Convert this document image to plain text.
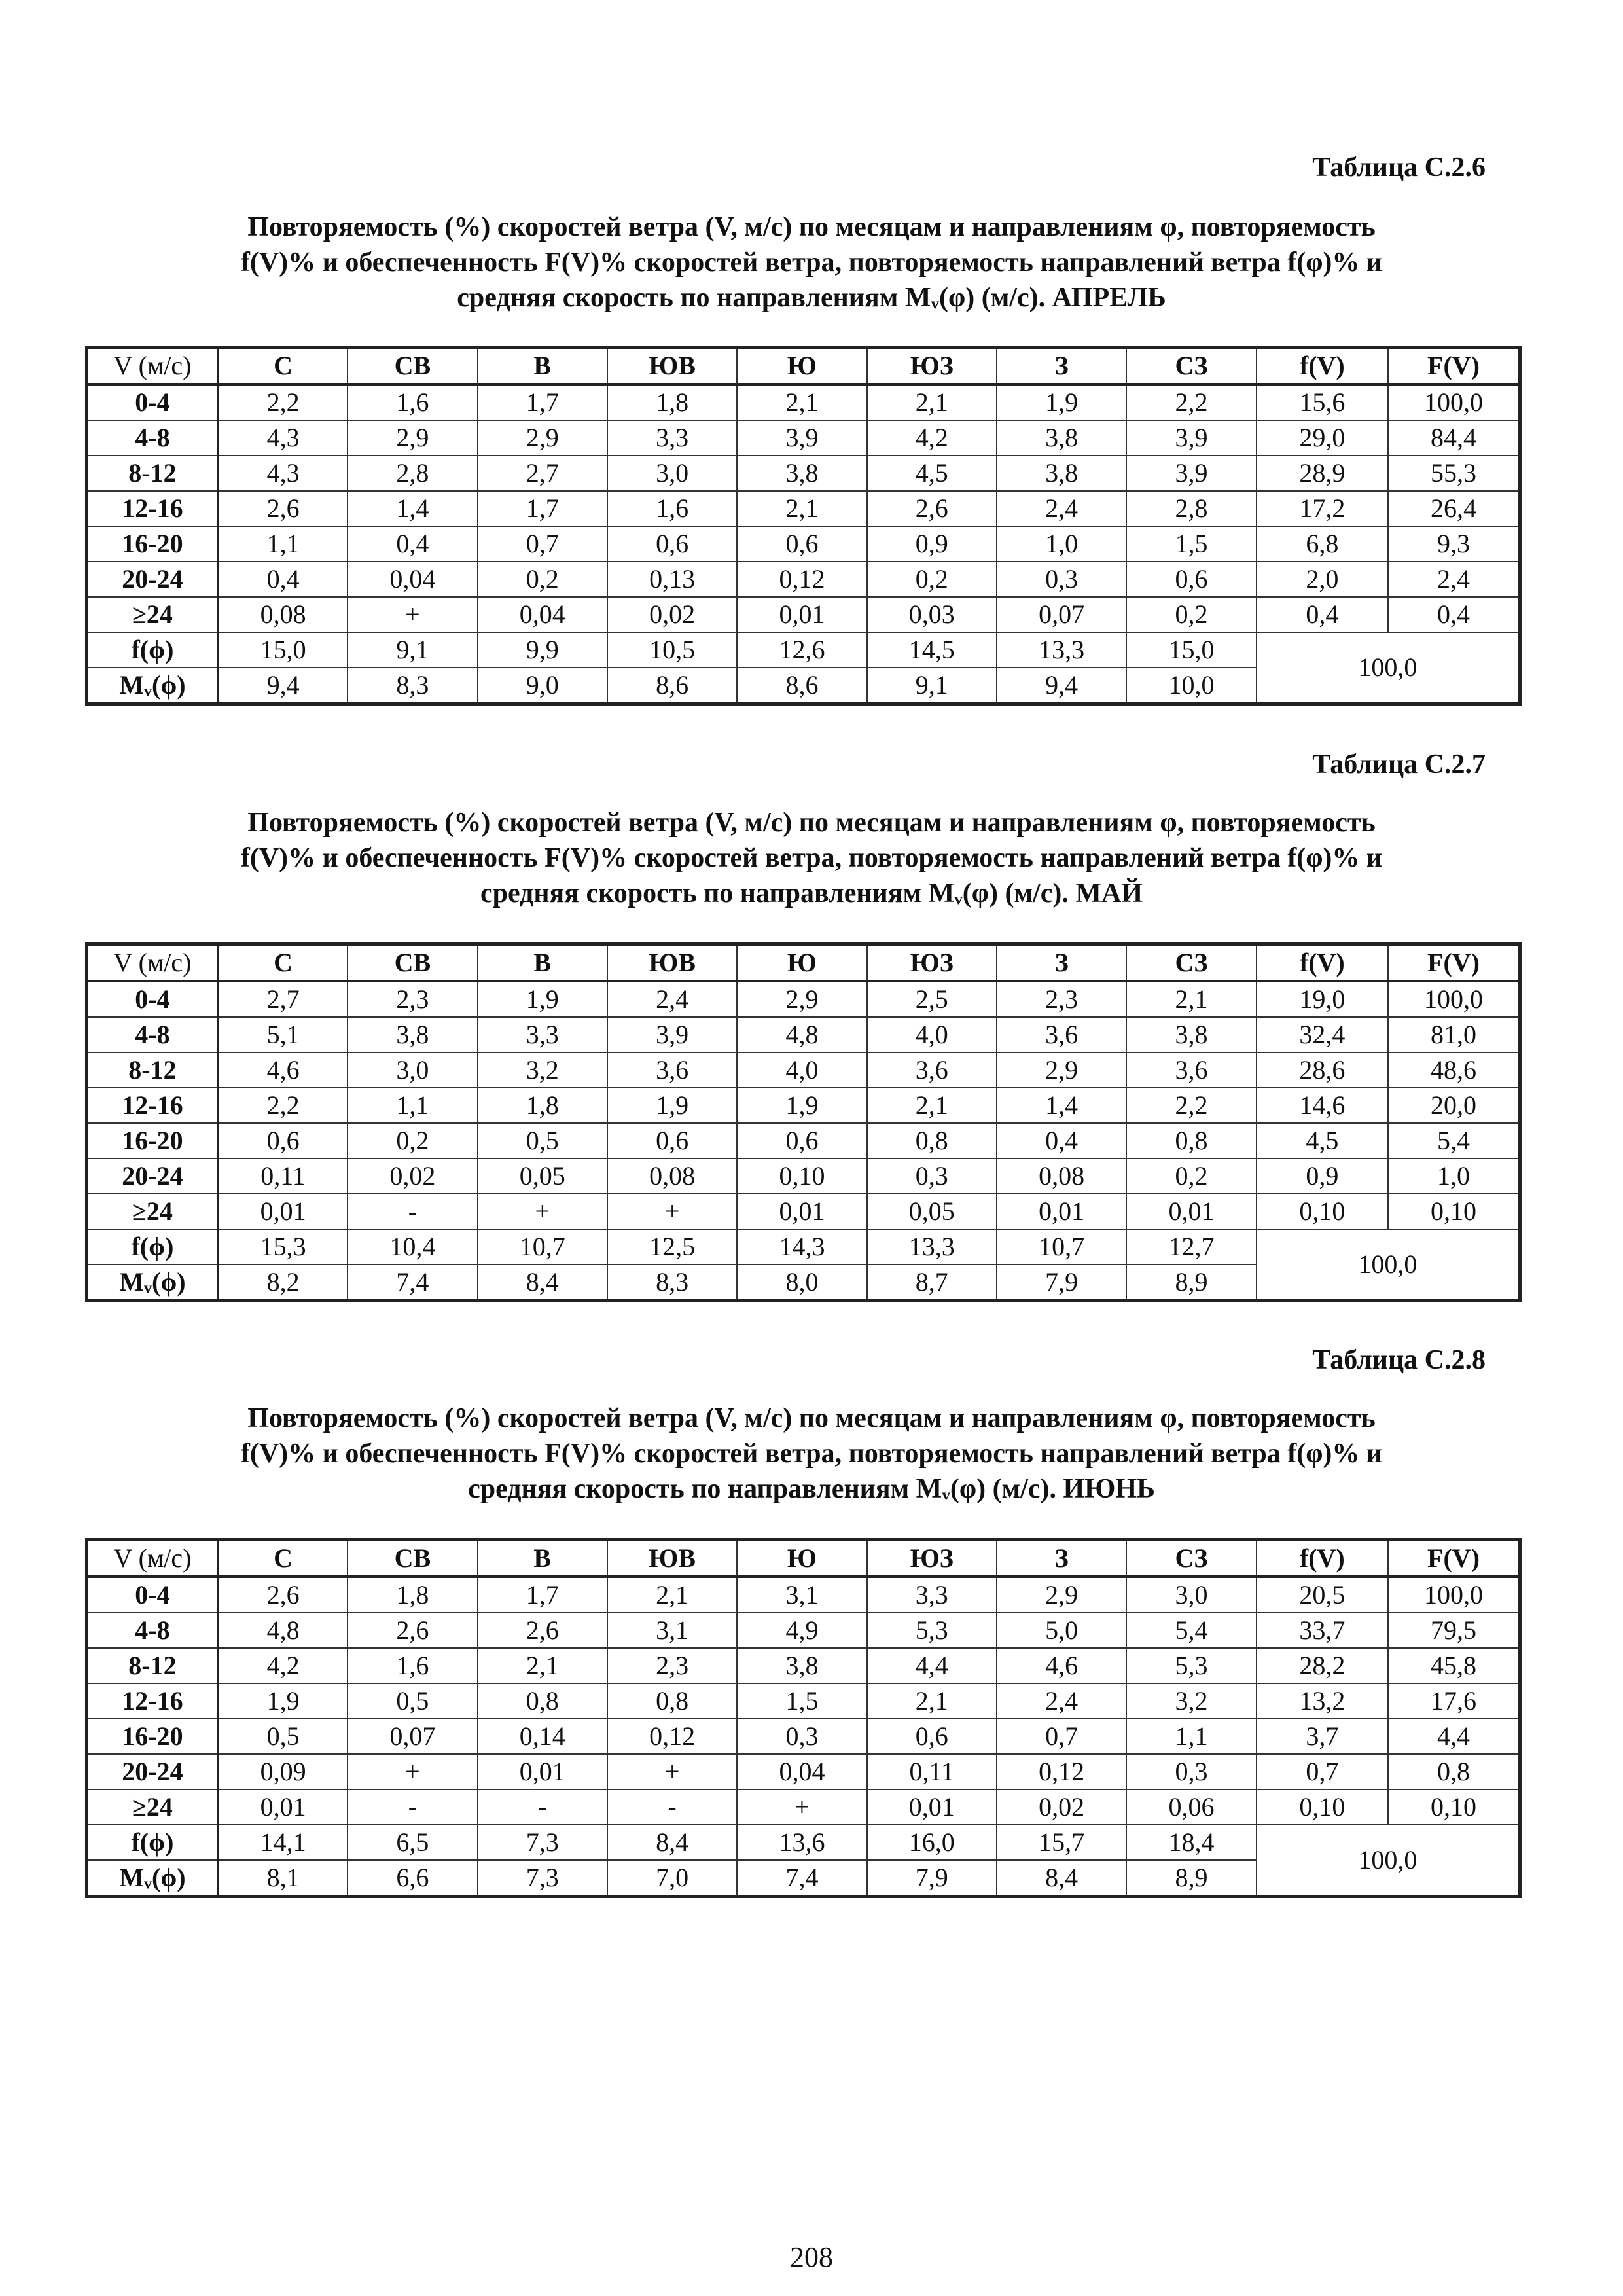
Таблица С.2.6
Повторяемость (%) скоростей ветра (V, м/с) по месяцам и направлениям φ, повторяемость
f(V)% и обеспеченность F(V)% скоростей ветра, повторяемость направлений ветра f(φ)% и
средняя скорость по направлениям Mᵥ(φ) (м/с). АПРЕЛЬ
V (м/с)	С	СВ	В	ЮВ	Ю	ЮЗ	З	СЗ	f(V)	F(V)
0-4	2,2	1,6	1,7	1,8	2,1	2,1	1,9	2,2	15,6	100,0
4-8	4,3	2,9	2,9	3,3	3,9	4,2	3,8	3,9	29,0	84,4
8-12	4,3	2,8	2,7	3,0	3,8	4,5	3,8	3,9	28,9	55,3
12-16	2,6	1,4	1,7	1,6	2,1	2,6	2,4	2,8	17,2	26,4
16-20	1,1	0,4	0,7	0,6	0,6	0,9	1,0	1,5	6,8	9,3
20-24	0,4	0,04	0,2	0,13	0,12	0,2	0,3	0,6	2,0	2,4
≥24	0,08	+	0,04	0,02	0,01	0,03	0,07	0,2	0,4	0,4
f(ϕ)	15,0	9,1	9,9	10,5	12,6	14,5	13,3	15,0	100,0	
Mᵥ(ϕ)	9,4	8,3	9,0	8,6	8,6	9,1	9,4	10,0		
Таблица С.2.7
Повторяемость (%) скоростей ветра (V, м/с) по месяцам и направлениям φ, повторяемость
f(V)% и обеспеченность F(V)% скоростей ветра, повторяемость направлений ветра f(φ)% и
средняя скорость по направлениям Mᵥ(φ) (м/с). МАЙ
V (м/с)	С	СВ	В	ЮВ	Ю	ЮЗ	З	СЗ	f(V)	F(V)
0-4	2,7	2,3	1,9	2,4	2,9	2,5	2,3	2,1	19,0	100,0
4-8	5,1	3,8	3,3	3,9	4,8	4,0	3,6	3,8	32,4	81,0
8-12	4,6	3,0	3,2	3,6	4,0	3,6	2,9	3,6	28,6	48,6
12-16	2,2	1,1	1,8	1,9	1,9	2,1	1,4	2,2	14,6	20,0
16-20	0,6	0,2	0,5	0,6	0,6	0,8	0,4	0,8	4,5	5,4
20-24	0,11	0,02	0,05	0,08	0,10	0,3	0,08	0,2	0,9	1,0
≥24	0,01	-	+	+	0,01	0,05	0,01	0,01	0,10	0,10
f(ϕ)	15,3	10,4	10,7	12,5	14,3	13,3	10,7	12,7	100,0	
Mᵥ(ϕ)	8,2	7,4	8,4	8,3	8,0	8,7	7,9	8,9		
Таблица С.2.8
Повторяемость (%) скоростей ветра (V, м/с) по месяцам и направлениям φ, повторяемость
f(V)% и обеспеченность F(V)% скоростей ветра, повторяемость направлений ветра f(φ)% и
средняя скорость по направлениям Mᵥ(φ) (м/с). ИЮНЬ
V (м/с)	С	СВ	В	ЮВ	Ю	ЮЗ	З	СЗ	f(V)	F(V)
0-4	2,6	1,8	1,7	2,1	3,1	3,3	2,9	3,0	20,5	100,0
4-8	4,8	2,6	2,6	3,1	4,9	5,3	5,0	5,4	33,7	79,5
8-12	4,2	1,6	2,1	2,3	3,8	4,4	4,6	5,3	28,2	45,8
12-16	1,9	0,5	0,8	0,8	1,5	2,1	2,4	3,2	13,2	17,6
16-20	0,5	0,07	0,14	0,12	0,3	0,6	0,7	1,1	3,7	4,4
20-24	0,09	+	0,01	+	0,04	0,11	0,12	0,3	0,7	0,8
≥24	0,01	-	-	-	+	0,01	0,02	0,06	0,10	0,10
f(ϕ)	14,1	6,5	7,3	8,4	13,6	16,0	15,7	18,4	100,0	
Mᵥ(ϕ)	8,1	6,6	7,3	7,0	7,4	7,9	8,4	8,9		
208
